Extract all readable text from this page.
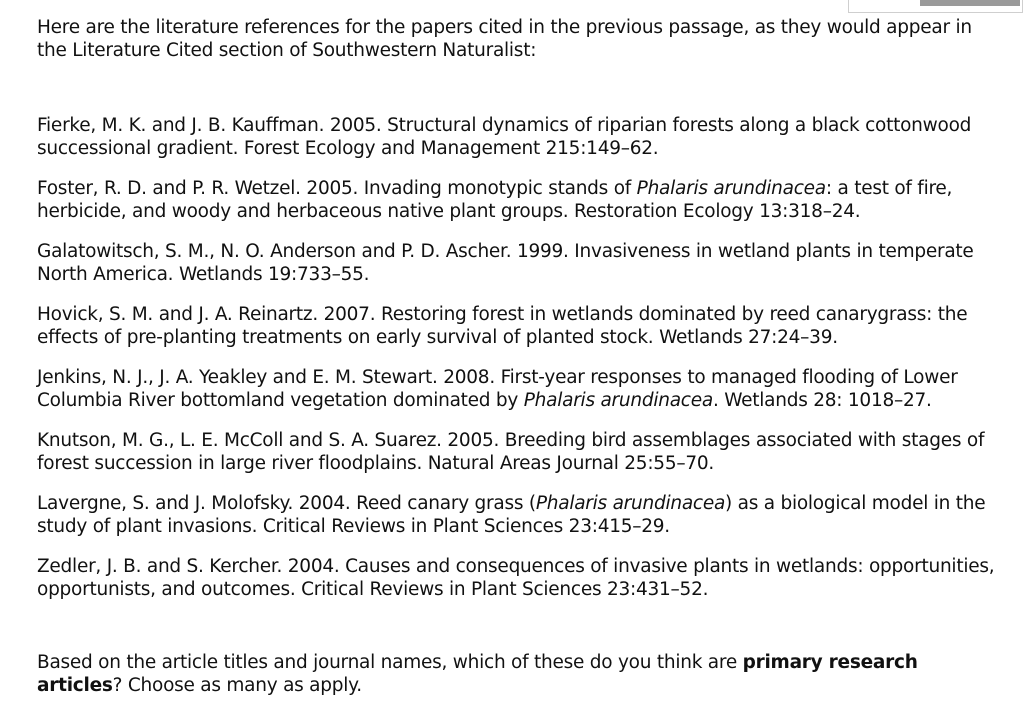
Here are the literature references for the papers cited in the previous passage, as they would appear in the Literature Cited section of Southwestern Naturalist:

Fierke, M. K. and J. B. Kauffman. 2005. Structural dynamics of riparian forests along a black cottonwood successional gradient. Forest Ecology and Management 215:149–62.

Foster, R. D. and P. R. Wetzel. 2005. Invading monotypic stands of Phalaris arundinacea: a test of fire, herbicide, and woody and herbaceous native plant groups. Restoration Ecology 13:318–24.

Galatowitsch, S. M., N. O. Anderson and P. D. Ascher. 1999. Invasiveness in wetland plants in temperate North America. Wetlands 19:733–55.

Hovick, S. M. and J. A. Reinartz. 2007. Restoring forest in wetlands dominated by reed canarygrass: the effects of pre-planting treatments on early survival of planted stock. Wetlands 27:24–39.

Jenkins, N. J., J. A. Yeakley and E. M. Stewart. 2008. First-year responses to managed flooding of Lower Columbia River bottomland vegetation dominated by Phalaris arundinacea. Wetlands 28: 1018–27.

Knutson, M. G., L. E. McColl and S. A. Suarez. 2005. Breeding bird assemblages associated with stages of forest succession in large river floodplains. Natural Areas Journal 25:55–70.

Lavergne, S. and J. Molofsky. 2004. Reed canary grass (Phalaris arundinacea) as a biological model in the study of plant invasions. Critical Reviews in Plant Sciences 23:415–29.

Zedler, J. B. and S. Kercher. 2004. Causes and consequences of invasive plants in wetlands: opportunities, opportunists, and outcomes. Critical Reviews in Plant Sciences 23:431–52.

Based on the article titles and journal names, which of these do you think are primary research articles? Choose as many as apply.
